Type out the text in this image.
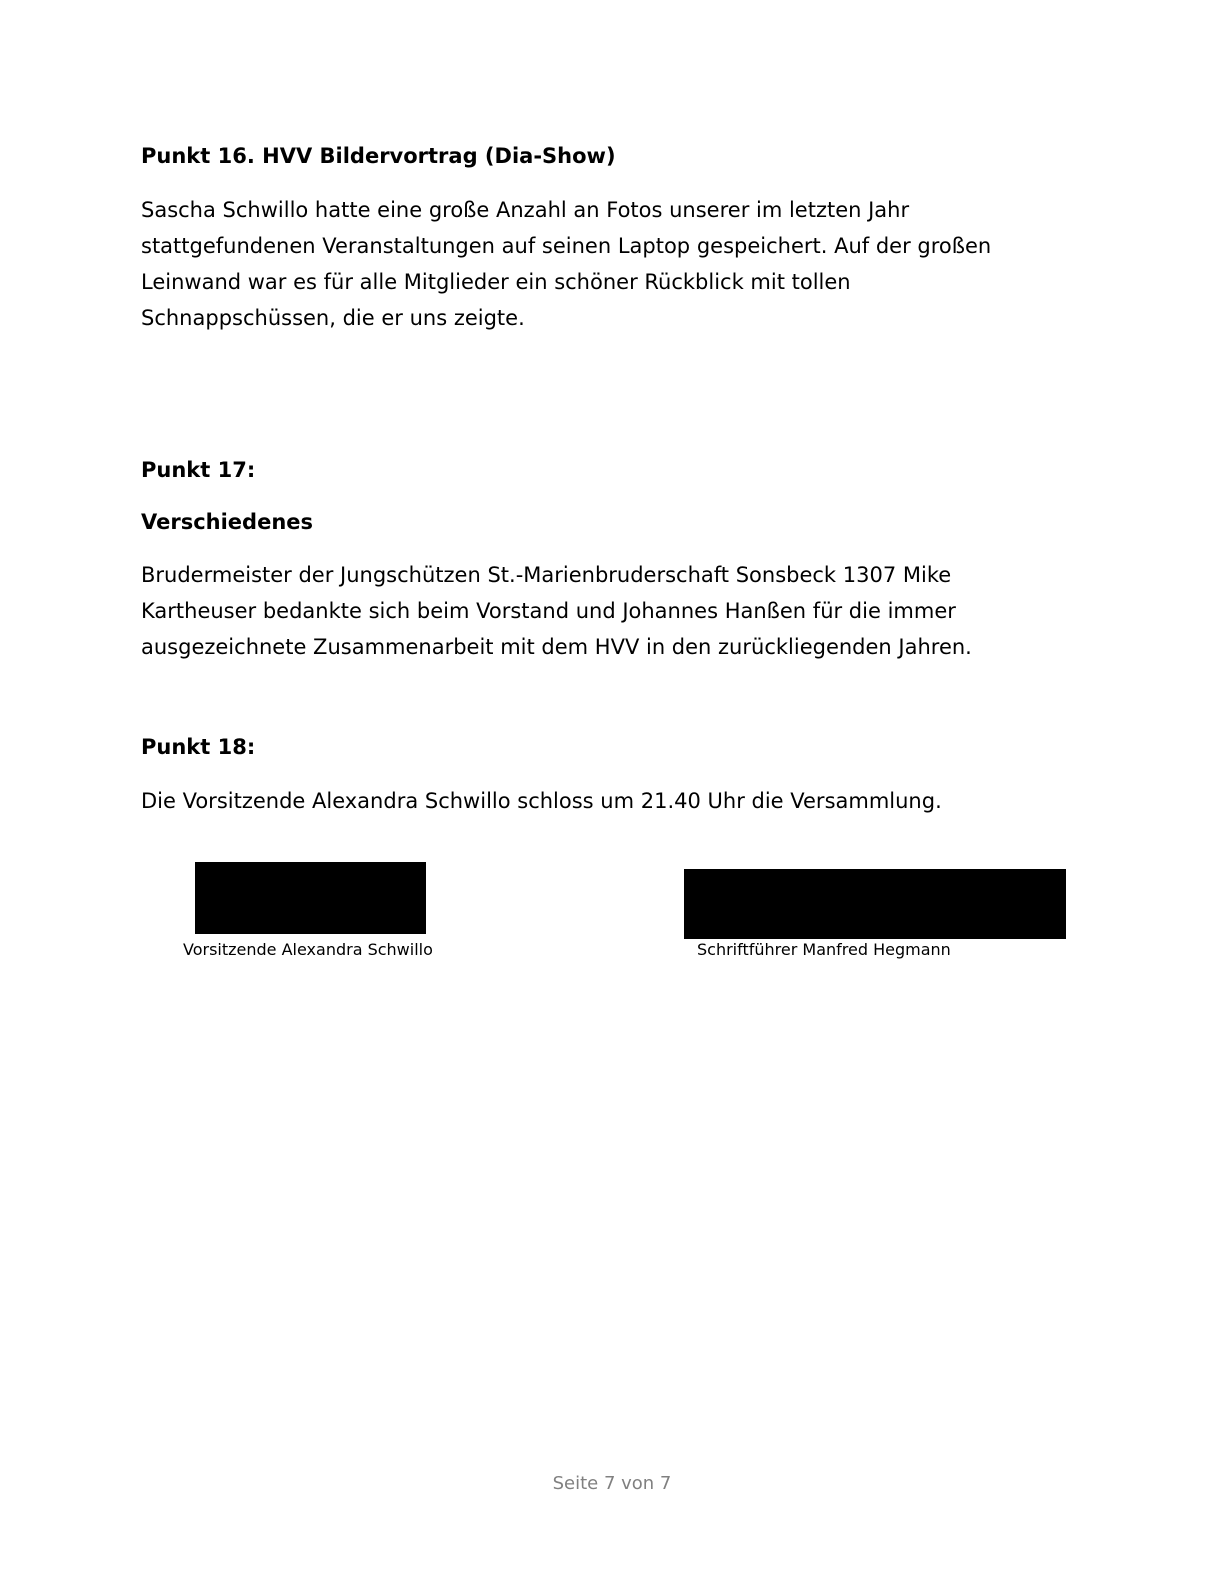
Punkt 16. HVV Bildervortrag (Dia-Show)

Sascha Schwillo hatte eine große Anzahl an Fotos unserer im letzten Jahr
stattgefundenen Veranstaltungen auf seinen Laptop gespeichert. Auf der großen
Leinwand war es für alle Mitglieder ein schöner Rückblick mit tollen
Schnappschüssen, die er uns zeigte.

Punkt 17:
Verschiedenes

Brudermeister der Jungschützen St.-Marienbruderschaft Sonsbeck 1307 Mike
Kartheuser bedankte sich beim Vorstand und Johannes Hanßen für die immer
ausgezeichnete Zusammenarbeit mit dem HVV in den zurückliegenden Jahren.

Punkt 18:

Die Vorsitzende Alexandra Schwillo schloss um 21.40 Uhr die Versammlung.

Vorsitzende Alexandra Schwillo	Schriftführer Manfred Hegmann
Seite 7 von 7
